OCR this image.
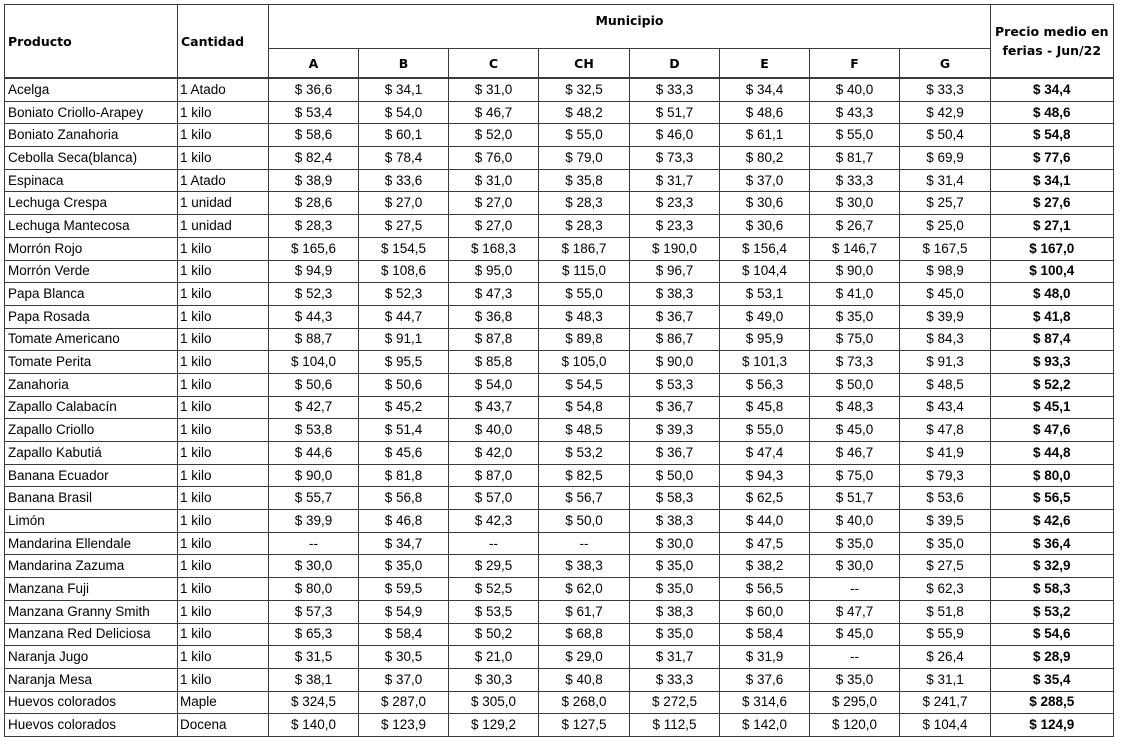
Producto	Cantidad	Municipio								Precio medio en
ferias - Jun/22

		A	B	C	CH	D	E	F	G	
Acelga	1 Atado	$ 36,6	$ 34,1	$ 31,0	$ 32,5	$ 33,3	$ 34,4	$ 40,0	$ 33,3	$ 34,4
Boniato Criollo-Arapey	1 kilo	$ 53,4	$ 54,0	$ 46,7	$ 48,2	$ 51,7	$ 48,6	$ 43,3	$ 42,9	$ 48,6
Boniato Zanahoria	1 kilo	$ 58,6	$ 60,1	$ 52,0	$ 55,0	$ 46,0	$ 61,1	$ 55,0	$ 50,4	$ 54,8
Cebolla Seca(blanca)	1 kilo	$ 82,4	$ 78,4	$ 76,0	$ 79,0	$ 73,3	$ 80,2	$ 81,7	$ 69,9	$ 77,6
Espinaca	1 Atado	$ 38,9	$ 33,6	$ 31,0	$ 35,8	$ 31,7	$ 37,0	$ 33,3	$ 31,4	$ 34,1
Lechuga Crespa	1 unidad	$ 28,6	$ 27,0	$ 27,0	$ 28,3	$ 23,3	$ 30,6	$ 30,0	$ 25,7	$ 27,6
Lechuga Mantecosa	1 unidad	$ 28,3	$ 27,5	$ 27,0	$ 28,3	$ 23,3	$ 30,6	$ 26,7	$ 25,0	$ 27,1
Morrón Rojo	1 kilo	$ 165,6	$ 154,5	$ 168,3	$ 186,7	$ 190,0	$ 156,4	$ 146,7	$ 167,5	$ 167,0
Morrón Verde	1 kilo	$ 94,9	$ 108,6	$ 95,0	$ 115,0	$ 96,7	$ 104,4	$ 90,0	$ 98,9	$ 100,4
Papa Blanca	1 kilo	$ 52,3	$ 52,3	$ 47,3	$ 55,0	$ 38,3	$ 53,1	$ 41,0	$ 45,0	$ 48,0
Papa Rosada	1 kilo	$ 44,3	$ 44,7	$ 36,8	$ 48,3	$ 36,7	$ 49,0	$ 35,0	$ 39,9	$ 41,8
Tomate Americano	1 kilo	$ 88,7	$ 91,1	$ 87,8	$ 89,8	$ 86,7	$ 95,9	$ 75,0	$ 84,3	$ 87,4
Tomate Perita	1 kilo	$ 104,0	$ 95,5	$ 85,8	$ 105,0	$ 90,0	$ 101,3	$ 73,3	$ 91,3	$ 93,3
Zanahoria	1 kilo	$ 50,6	$ 50,6	$ 54,0	$ 54,5	$ 53,3	$ 56,3	$ 50,0	$ 48,5	$ 52,2
Zapallo Calabacín	1 kilo	$ 42,7	$ 45,2	$ 43,7	$ 54,8	$ 36,7	$ 45,8	$ 48,3	$ 43,4	$ 45,1
Zapallo Criollo	1 kilo	$ 53,8	$ 51,4	$ 40,0	$ 48,5	$ 39,3	$ 55,0	$ 45,0	$ 47,8	$ 47,6
Zapallo Kabutiá	1 kilo	$ 44,6	$ 45,6	$ 42,0	$ 53,2	$ 36,7	$ 47,4	$ 46,7	$ 41,9	$ 44,8
Banana Ecuador	1 kilo	$ 90,0	$ 81,8	$ 87,0	$ 82,5	$ 50,0	$ 94,3	$ 75,0	$ 79,3	$ 80,0
Banana Brasil	1 kilo	$ 55,7	$ 56,8	$ 57,0	$ 56,7	$ 58,3	$ 62,5	$ 51,7	$ 53,6	$ 56,5
Limón	1 kilo	$ 39,9	$ 46,8	$ 42,3	$ 50,0	$ 38,3	$ 44,0	$ 40,0	$ 39,5	$ 42,6
Mandarina Ellendale	1 kilo	--	$ 34,7	--	--	$ 30,0	$ 47,5	$ 35,0	$ 35,0	$ 36,4
Mandarina Zazuma	1 kilo	$ 30,0	$ 35,0	$ 29,5	$ 38,3	$ 35,0	$ 38,2	$ 30,0	$ 27,5	$ 32,9
Manzana Fuji	1 kilo	$ 80,0	$ 59,5	$ 52,5	$ 62,0	$ 35,0	$ 56,5	--	$ 62,3	$ 58,3
Manzana Granny Smith	1 kilo	$ 57,3	$ 54,9	$ 53,5	$ 61,7	$ 38,3	$ 60,0	$ 47,7	$ 51,8	$ 53,2
Manzana Red Deliciosa	1 kilo	$ 65,3	$ 58,4	$ 50,2	$ 68,8	$ 35,0	$ 58,4	$ 45,0	$ 55,9	$ 54,6
Naranja Jugo	1 kilo	$ 31,5	$ 30,5	$ 21,0	$ 29,0	$ 31,7	$ 31,9	--	$ 26,4	$ 28,9
Naranja Mesa	1 kilo	$ 38,1	$ 37,0	$ 30,3	$ 40,8	$ 33,3	$ 37,6	$ 35,0	$ 31,1	$ 35,4
Huevos colorados	Maple	$ 324,5	$ 287,0	$ 305,0	$ 268,0	$ 272,5	$ 314,6	$ 295,0	$ 241,7	$ 288,5
Huevos colorados	Docena	$ 140,0	$ 123,9	$ 129,2	$ 127,5	$ 112,5	$ 142,0	$ 120,0	$ 104,4	$ 124,9
